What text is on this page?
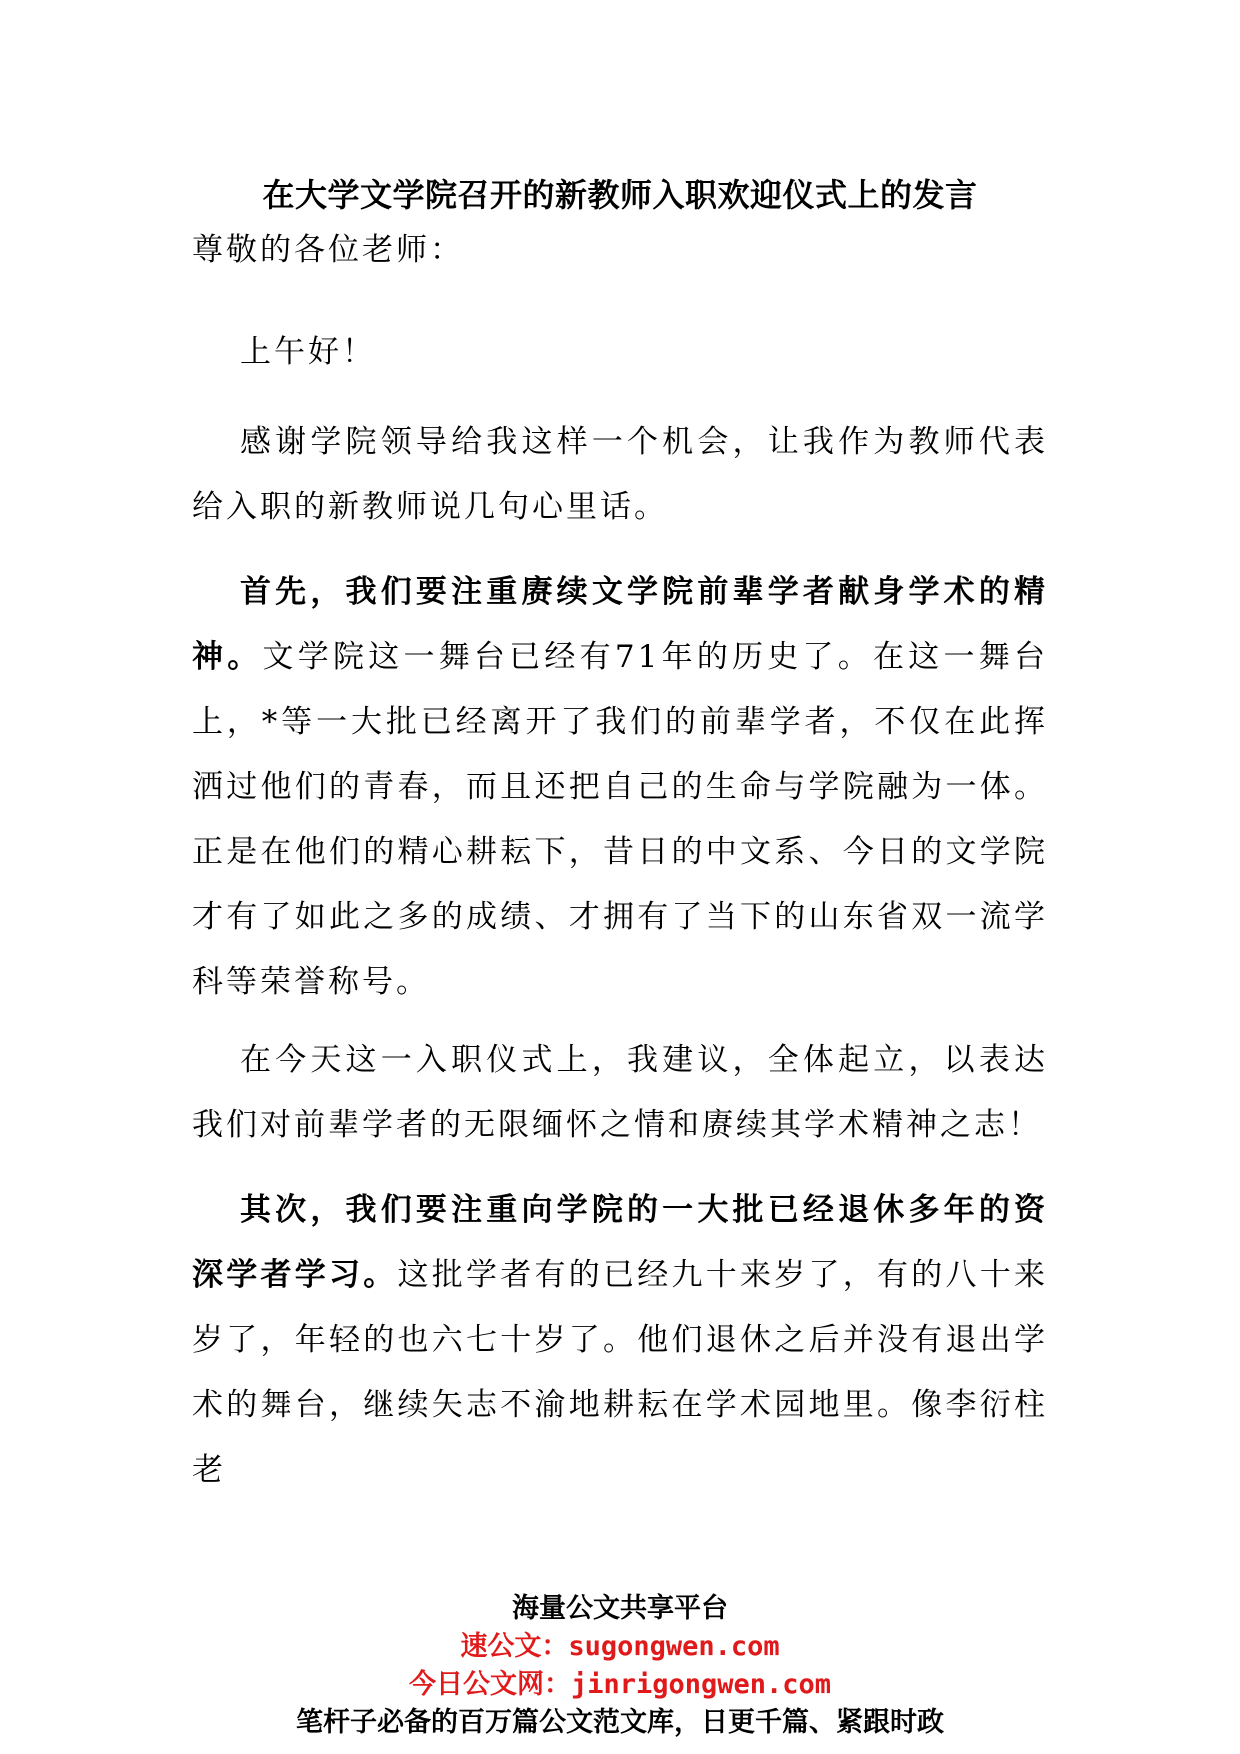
在大学文学院召开的新教师入职欢迎仪式上的发言
尊敬的各位老师：
上午好！
感谢学院领导给我这样一个机会，让我作为教师代表给入职的新教师说几句心里话。
首先，我们要注重赓续文学院前辈学者献身学术的精神。文学院这一舞台已经有71年的历史了。在这一舞台上，*等一大批已经离开了我们的前辈学者，不仅在此挥洒过他们的青春，而且还把自己的生命与学院融为一体。正是在他们的精心耕耘下，昔日的中文系、今日的文学院才有了如此之多的成绩、才拥有了当下的山东省双一流学科等荣誉称号。
在今天这一入职仪式上，我建议，全体起立，以表达我们对前辈学者的无限缅怀之情和赓续其学术精神之志！
其次，我们要注重向学院的一大批已经退休多年的资深学者学习。这批学者有的已经九十来岁了，有的八十来岁了，年轻的也六七十岁了。他们退休之后并没有退出学术的舞台，继续矢志不渝地耕耘在学术园地里。像李衍柱老
海量公文共享平台
速公文：sugongwen.com
今日公文网：jinrigongwen.com
笔杆子必备的百万篇公文范文库，日更千篇、紧跟时政
